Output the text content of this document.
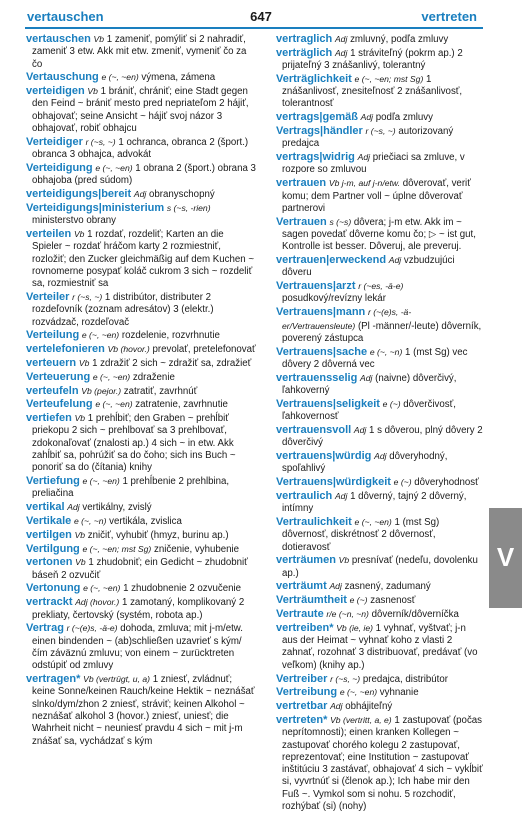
vertauschen	647	vertreten
vertauschen Vb 1 zameniť, pomýliť si 2 nahradiť, zameniť 3 etw. Akk mit etw. zmeniť, vymeniť čo za čo
Vertauschung e (~, ~en) výmena, zámena
verteidigen Vb 1 brániť, chrániť; eine Stadt gegen den Feind ~ brániť mesto pred nepriateľom 2 hájiť, obhajovať; seine Ansicht ~ hájiť svoj názor 3 obhajovať, robiť obhajcu
Verteidiger r (~s, ~) 1 ochranca, obranca 2 (šport.) obranca 3 obhajca, advokát
Verteidigung e (~, ~en) 1 obrana 2 (šport.) obrana 3 obhajoba (pred súdom)
verteidigungs|bereit Adj obranyschopný
Verteidigungs|ministerium s (~s, -rien) ministerstvo obrany
verteilen Vb 1 rozdať, rozdeliť; Karten an die Spieler ~ rozdať hráčom karty 2 rozmiestniť, rozložiť; den Zucker gleichmäßig auf dem Kuchen ~ rovnomerne posypať koláč cukrom 3 sich ~ rozdeliť sa, rozmiestniť sa
Verteiler r (~s, ~) 1 distribútor, distributer 2 rozdeľovník (zoznam adresátov) 3 (elektr.) rozvádzač, rozdeľovač
Verteilung e (~, ~en) rozdelenie, rozvrhnutie
vertelefonieren Vb (hovor.) prevolať, pretelefonovať
verteuern Vb 1 zdražiť 2 sich ~ zdražiť sa, zdražieť
Verteuerung e (~, ~en) zdraženie
verteufeln Vb (pejor.) zatratiť, zavrhnúť
Verteufelung e (~, ~en) zatratenie, zavrhnutie
vertiefen Vb 1 prehĺbiť; den Graben ~ prehĺbiť priekopu 2 sich ~ prehlbovať sa 3 prehlbovať, zdokonaľovať (znalosti ap.) 4 sich ~ in etw. Akk zahĺbiť sa, pohrúžiť sa do čoho; sich ins Buch ~ ponoriť sa do (čítania) knihy
Vertiefung e (~, ~en) 1 prehĺbenie 2 prehlbina, preliačina
vertikal Adj vertikálny, zvislý
Vertikale e (~, ~n) vertikála, zvislica
vertilgen Vb zničiť, vyhubiť (hmyz, burinu ap.)
Vertilgung e (~, ~en; mst Sg) zničenie, vyhubenie
vertonen Vb 1 zhudobniť; ein Gedicht ~ zhudobniť báseň 2 ozvučiť
Vertonung e (~, ~en) 1 zhudobnenie 2 ozvučenie
vertrackt Adj (hovor.) 1 zamotaný, komplikovaný 2 prekliaty, čertovský (systém, robota ap.)
Vertrag r (~(e)s, -ä-e) dohoda, zmluva; mit j-m/etw. einen bindenden ~ (ab)schließen uzavrieť s kým/čím záväznú zmluvu; von einem ~ zurücktreten odstúpiť od zmluvy
vertragen* Vb (vertrügt, u, a) 1 zniesť, zvládnuť; keine Sonne/keinen Rauch/keine Hektik ~ neznášať slnko/dym/zhon 2 zniesť, stráviť; keinen Alkohol ~ neznášať alkohol 3 (hovor.) zniesť, uniesť; die Wahrheit nicht ~ neuniesť pravdu 4 sich ~ mit j-m znášať sa, vychádzať s kým
vertraglich Adj zmluvný, podľa zmluvy
verträglich Adj 1 stráviteľný (pokrm ap.) 2 prijateľný 3 znášanlivý, tolerantný
Verträglichkeit e (~, ~en; mst Sg) 1 znášanlivosť, znesiteľnosť 2 znášanlivosť, tolerantnosť
vertrags|gemäß Adj podľa zmluvy
Vertrags|händler r (~s, ~) autorizovaný predajca
vertrags|widrig Adj priečiaci sa zmluve, v rozpore so zmluvou
vertrauen Vb j-m, auf j-n/etw. dôverovať, veriť komu; dem Partner voll ~ úplne dôverovať partnerovi
Vertrauen s (~s) dôvera; j-m etw. Akk im ~ sagen povedať dôverne komu čo; ▷ ~ ist gut, Kontrolle ist besser. Dôveruj, ale preveruj.
vertrauen|erweckend Adj vzbudzujúci dôveru
Vertrauens|arzt r (~es, -ä-e) posudkový/revízny lekár
Vertrauens|mann r (~(e)s, -ä-er/Vertrauensleute) (Pl -männer/-leute) dôverník, poverený zástupca
Vertrauens|sache e (~, ~n) 1 (mst Sg) vec dôvery 2 dôverná vec
vertrauensselig Adj (naivne) dôverčivý, ľahkoverný
Vertrauens|seligkeit e (~) dôverčivosť, ľahkovernosť
vertrauensvoll Adj 1 s dôverou, plný dôvery 2 dôverčivý
vertrauens|würdig Adj dôveryhodný, spoľahlivý
Vertrauens|würdigkeit e (~) dôveryhodnosť
vertraulich Adj 1 dôverný, tajný 2 dôverný, intímny
Vertraulichkeit e (~, ~en) 1 (mst Sg) dôvernosť, diskrétnosť 2 dôvernosť, dotieravosť
verträumen Vb presnívať (nedeľu, dovolenku ap.)
verträumt Adj zasnený, zadumaný
Verträumtheit e (~) zasnenosť
Vertraute r/e (~n, ~n) dôverník/dôverníčka
vertreiben* Vb (ie, ie) 1 vyhnať, vyštvať; j-n aus der Heimat ~ vyhnať koho z vlasti 2 zahnať, rozohnať 3 distribuovať, predávať (vo veľkom) (knihy ap.)
Vertreiber r (~s, ~) predajca, distribútor
Vertreibung e (~, ~en) vyhnanie
vertretbar Adj obhájiteľný
vertreten* Vb (vertritt, a, e) 1 zastupovať (počas neprítomnosti); einen kranken Kollegen ~ zastupovať chorého kolegu 2 zastupovať, reprezentovať; eine Institution ~ zastupovať inštitúciu 3 zastávať, obhajovať 4 sich ~ vykĺbiť si, vyvrtnúť si (členok ap.); Ich habe mir den Fuß ~. Vymkol som si nohu. 5 rozchodiť, rozhýbať (si) (nohy)
V
